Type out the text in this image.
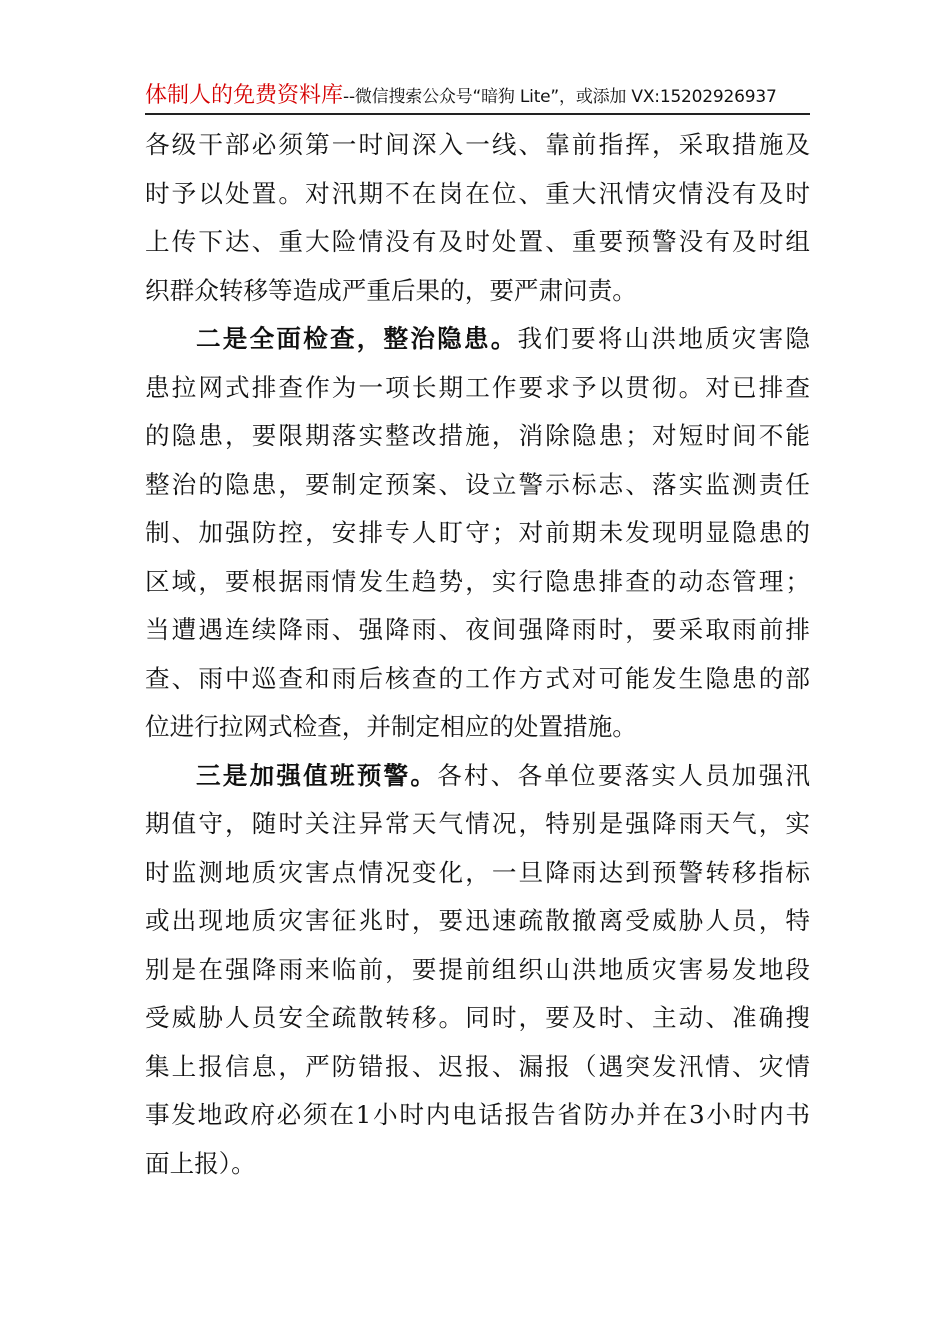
体制人的免费资料库--微信搜索公众号“暗狗 Lite”，或添加 VX:15202926937
各级干部必须第一时间深入一线、靠前指挥，采取措施及
时予以处置。对汛期不在岗在位、重大汛情灾情没有及时
上传下达、重大险情没有及时处置、重要预警没有及时组
织群众转移等造成严重后果的，要严肃问责。
二是全面检查，整治隐患。我们要将山洪地质灾害隐
患拉网式排查作为一项长期工作要求予以贯彻。对已排查
的隐患，要限期落实整改措施，消除隐患；对短时间不能
整治的隐患，要制定预案、设立警示标志、落实监测责任
制、加强防控，安排专人盯守；对前期未发现明显隐患的
区域，要根据雨情发生趋势，实行隐患排查的动态管理；
当遭遇连续降雨、强降雨、夜间强降雨时，要采取雨前排
查、雨中巡查和雨后核查的工作方式对可能发生隐患的部
位进行拉网式检查，并制定相应的处置措施。
三是加强值班预警。各村、各单位要落实人员加强汛
期值守，随时关注异常天气情况，特别是强降雨天气，实
时监测地质灾害点情况变化，一旦降雨达到预警转移指标
或出现地质灾害征兆时，要迅速疏散撤离受威胁人员，特
别是在强降雨来临前，要提前组织山洪地质灾害易发地段
受威胁人员安全疏散转移。同时，要及时、主动、准确搜
集上报信息，严防错报、迟报、漏报（遇突发汛情、灾情
事发地政府必须在1小时内电话报告省防办并在3小时内书
面上报）。
